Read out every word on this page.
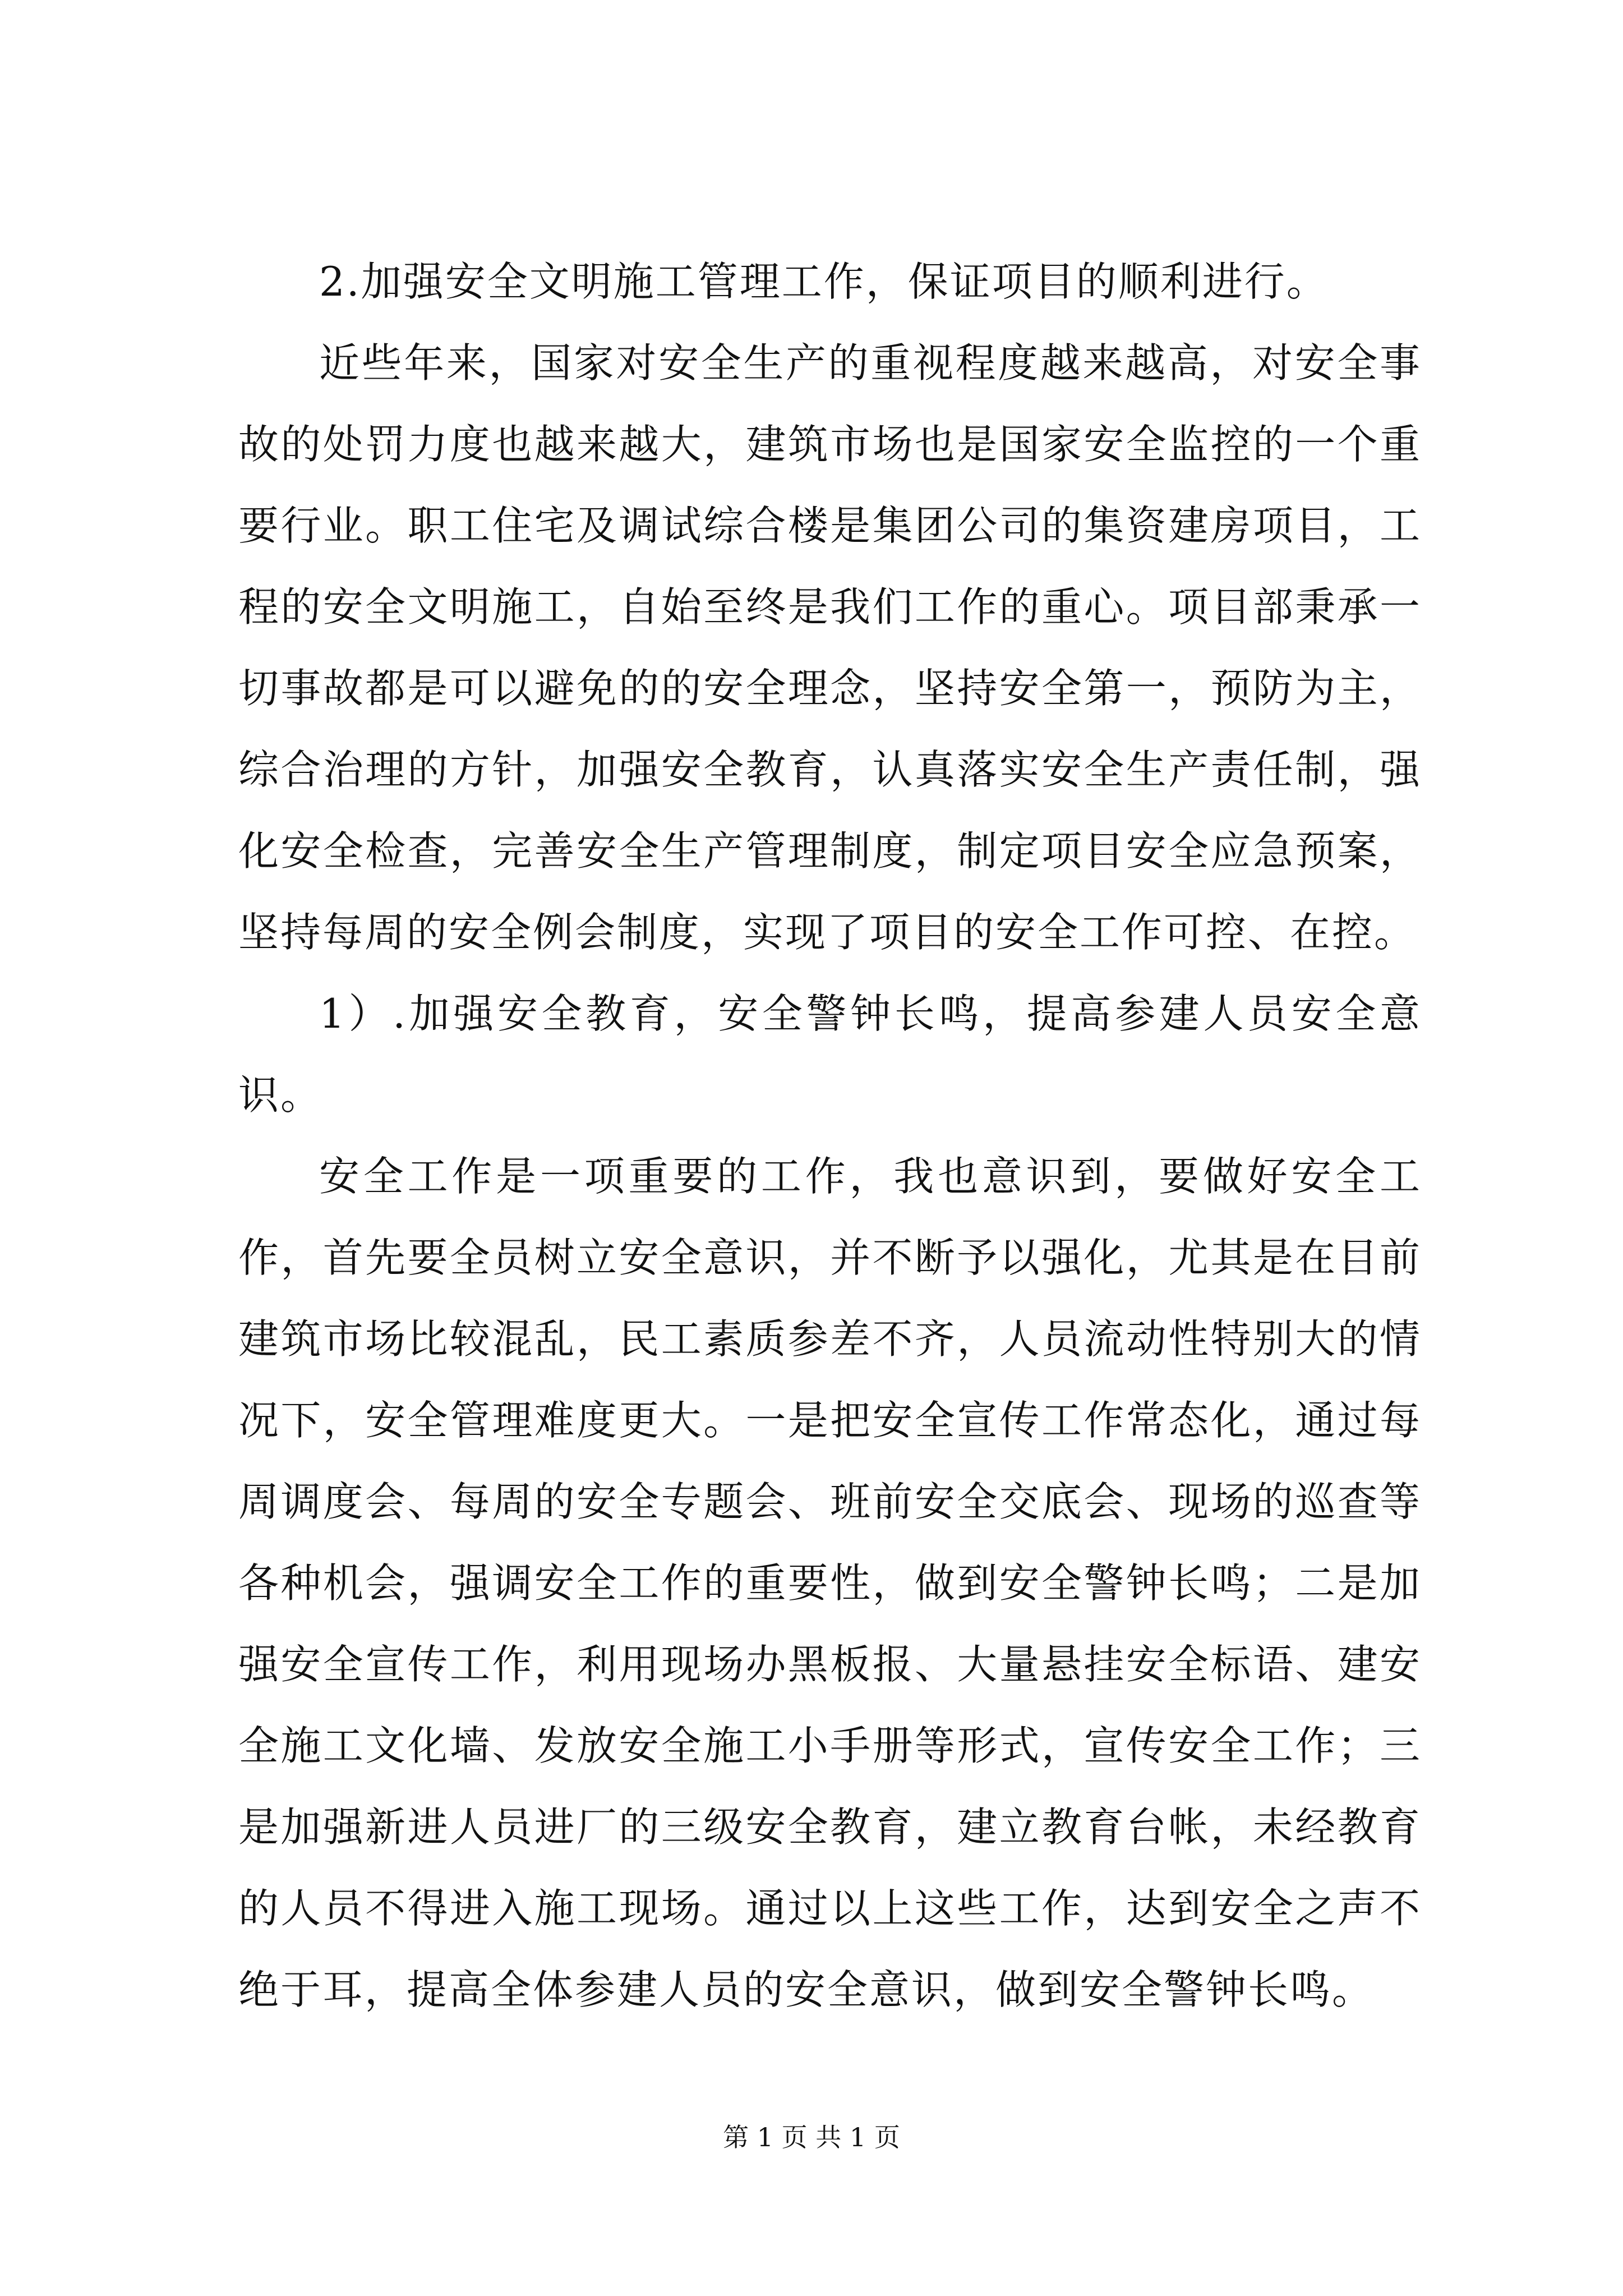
2.加强安全文明施工管理工作，保证项目的顺利进行。

近些年来，国家对安全生产的重视程度越来越高，对安全事故的处罚力度也越来越大，建筑市场也是国家安全监控的一个重要行业。职工住宅及调试综合楼是集团公司的集资建房项目，工程的安全文明施工，自始至终是我们工作的重心。项目部秉承一切事故都是可以避免的的安全理念，坚持安全第一，预防为主，综合治理的方针，加强安全教育，认真落实安全生产责任制，强化安全检查，完善安全生产管理制度，制定项目安全应急预案，坚持每周的安全例会制度，实现了项目的安全工作可控、在控。

1）.加强安全教育，安全警钟长鸣，提高参建人员安全意识。

安全工作是一项重要的工作，我也意识到，要做好安全工作，首先要全员树立安全意识，并不断予以强化，尤其是在目前建筑市场比较混乱，民工素质参差不齐，人员流动性特别大的情况下，安全管理难度更大。一是把安全宣传工作常态化，通过每周调度会、每周的安全专题会、班前安全交底会、现场的巡查等各种机会，强调安全工作的重要性，做到安全警钟长鸣；二是加强安全宣传工作，利用现场办黑板报、大量悬挂安全标语、建安全施工文化墙、发放安全施工小手册等形式，宣传安全工作；三是加强新进人员进厂的三级安全教育，建立教育台帐，未经教育的人员不得进入施工现场。通过以上这些工作，达到安全之声不绝于耳，提高全体参建人员的安全意识，做到安全警钟长鸣。

第 1 页 共 1 页
